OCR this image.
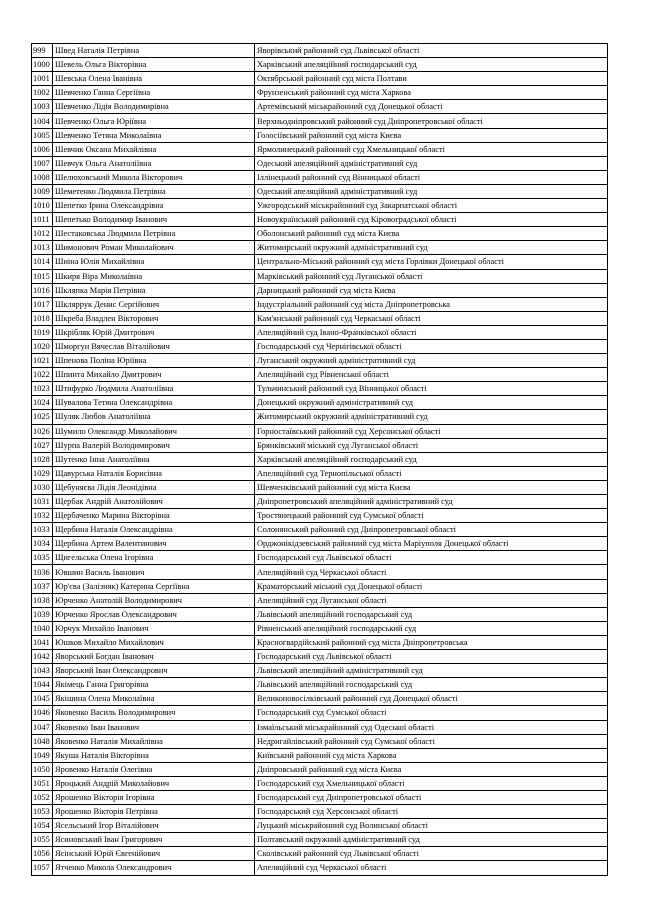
999	Швед Наталія Петрівна	Яворівський районний суд Львівської області
1000	Шевель Ольга Вікторівна	Харківський апеляційний господарський суд
1001	Шевська Олена Іванівна	Октябрський районний суд міста Полтави
1002	Шевченко Ганна Сергіївна	Фрунзенський районний суд міста Харкова
1003	Шевченко Лідія Володимирівна	Артемівський міськрайонний суд Донецької області
1004	Шевченко Ольга Юріївна	Верхньодніпровський районний суд Дніпропетровської області
1005	Шевченко Тетяна Миколаївна	Голосіївський районний суд міста Києва
1006	Шевчик Оксана Михайлівна	Ярмолинецький районний суд Хмельницької області
1007	Шевчук Ольга Анатоліївна	Одеський апеляційний адміністративний суд
1008	Шелюховський Микола Вікторович	Іллінецький районний суд Вінницької області
1009	Шеметенко Людмила Петрівна	Одеський апеляційний адміністративний суд
1010	Шепетко Ірина Олександрівна	Ужгородський міськрайонний суд Закарпатської області
1011	Шепетько Володимир Іванович	Новоукраїнський районний суд Кіровоградської області
1012	Шестаковська Людмила Петрівна	Оболонський районний суд міста Києва
1013	Шимонович Роман Миколайович	Житомирський окружний адміністративний суд
1014	Шиіна Юлія Михайлівна	Центрально-Міський районний суд міста Горлівки Донецької області
1015	Шкиря Віра Миколаївна	Марківський районний суд Луганської області
1016	Шкляпка Марія Петрівна	Дарницький районний суд міста Києва
1017	Шкляррук Денис Сергійович	Індустріальний районний суд міста Дніпропетровська
1018	Шкреба Владлен Вікторович	Кам'янський районний суд Черкаської області
1019	Шкрібляк Юрій Дмитрович	Апеляційний суд Івано-Франківської області
1020	Шморгун Вячеслав Віталійович	Господарський суд Чернігівської області
1021	Шпенова Поліна Юріївна	Луганський окружний адміністративний суд
1022	Шпинта Михайло Дмитрович	Апеляційний суд Рівненської області
1023	Штифурко Людмила Анатоліївна	Тульчинський районний суд Вінницької області
1024	Шувалова Тетяна Олександрівна	Донецький окружний адміністративний суд
1025	Шуляк Любов Анатоліївна	Житомирський окружний адміністративний суд
1026	Шумило Олександр Миколайович	Горностаївський районний суд Херсонської області
1027	Шурпа Валерій Володимирович	Брянківський міський суд Луганської області
1028	Шутенко Інна Анатоліївна	Харківський апеляційний господарський суд
1029	Щавурська Наталія Борисівна	Апеляційний суд Тернопільської області
1030	Щебуняєва Лідія Леонідівна	Шевченківський районний суд міста Києва
1031	Щербак Андрій Анатолійович	Дніпропетровський апеляційний адміністративний суд
1032	Щербаченко Марина Вікторівна	Тростянецький районний суд Сумської області
1033	Щербина Наталія Олександрівна	Солонянський районний суд Дніпропетровської області
1034	Щербина Артем Валентинович	Орджонікідзевський районний суд міста Маріуполя Донецької області
1035	Щигельська Олена Ігорівна	Господарський суд Львівської області
1036	Ювшин Василь Іванович	Апеляційний суд Черкаської області
1037	Юр'єва (Залізняк) Катерина Сергіївна	Краматорський міський суд Донецької області
1038	Юрченко Анатолій Володимирович	Апеляційний суд Луганської області
1039	Юрченко Ярослав Олександрович	Львівський апеляційний господарський суд
1040	Юрчук Михайло Іванович	Рівненський апеляційний господарський суд
1041	Юшков Михайло Михайлович	Красногвардійський районний суд міста Дніпропетровська
1042	Яворський Богдан Іванович	Господарський суд Львівської області
1043	Яворський Іван Олександрович	Львівський апеляційний адміністративний суд
1044	Якімець Ганна Григорівна	Львівський апеляційний господарський суд
1045	Якішина Олена Миколаївна	Великоновосілківський районний суд Донецької області
1046	Яковенко Василь Володимирович	Господарський суд Сумської області
1047	Яковенко Іван Іванович	Ізмаїльський міськрайонний суд Одеської області
1048	Яковенко Наталія Михайлівна	Недригайлівський районний суд Сумської області
1049	Якуша Наталія Вікторівна	Київський районний суд міста Харкова
1050	Яровенко Наталія Олегівна	Дніпровський районний суд міста Києва
1051	Яроцький Андрій Миколайович	Господарський суд Хмельницької області
1052	Ярошенко Вікторія Ігорівна	Господарський суд Дніпропетровської області
1053	Ярошенко Вікторія Петрівна	Господарський суд Херсонської області
1054	Ясельський Ігор Віталійович	Луцький міськрайонний суд Волинської області
1055	Ясиновський Іван Григорович	Полтавський окружний адміністративний суд
1056	Ясінський Юрій Євгенійович	Сколівський районний суд Львівської області
1057	Ятченко Микола Олександрович	Апеляційний суд Черкаської області
